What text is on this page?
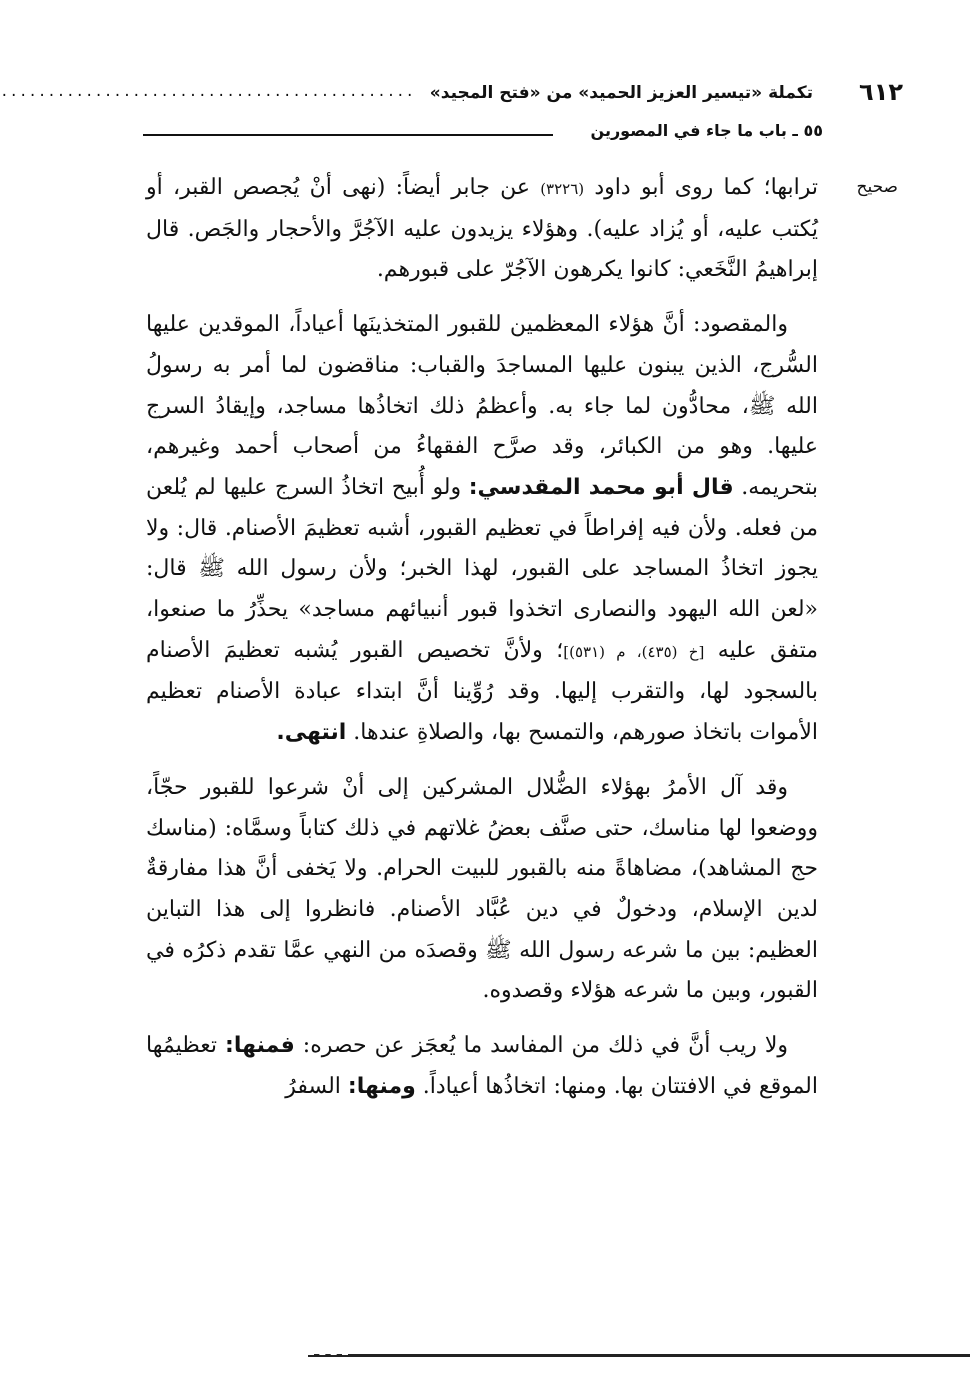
٦١٢
تكملة «تيسير العزيز الحميد» من «فتح المجيد»
............................................
٥٥ ـ باب ما جاء في المصورين
صحيح

ترابها؛ كما روى أبو داود (٣٢٢٦) عن جابر أيضاً: (نهى أنْ يُجصص القبر، أو يُكتب عليه، أو يُزاد عليه). وهؤلاء يزيدون عليه الآجُرَّ والأحجار والجَص. قال إبراهيمُ النَّخَعي: كانوا يكرهون الآجُرّ على قبورهم.

والمقصود: أنَّ هؤلاء المعظمين للقبور المتخذينَها أعياداً، الموقدين عليها السُّرج، الذين يبنون عليها المساجدَ والقباب: مناقضون لما أمر به رسولُ الله ﷺ، محادُّون لما جاء به. وأعظمُ ذلك اتخاذُها مساجد، وإيقادُ السرج عليها. وهو من الكبائر، وقد صرَّح الفقهاءُ من أصحاب أحمد وغيرهم، بتحريمه. قال أبو محمد المقدسي: ولو أُبيح اتخاذُ السرج عليها لم يُلعن من فعله. ولأن فيه إفراطاً في تعظيم القبور، أشبه تعظيمَ الأصنام. قال: ولا يجوز اتخاذُ المساجد على القبور، لهذا الخبر؛ ولأن رسول الله ﷺ قال: «لعن الله اليهود والنصارى اتخذوا قبور أنبيائهم مساجد» يحذِّرُ ما صنعوا، متفق عليه [خ (٤٣٥)، م (٥٣١)]؛ ولأنَّ تخصيص القبور يُشبه تعظيمَ الأصنام بالسجود لها، والتقرب إليها. وقد رُوِّينا أنَّ ابتداء عبادة الأصنام تعظيم الأموات باتخاذ صورهم، والتمسح بها، والصلاةِ عندها. انتهى.

وقد آل الأمرُ بهؤلاء الضُّلال المشركين إلى أنْ شرعوا للقبور حجّاً، ووضعوا لها مناسك، حتى صنَّف بعضُ غلاتهم في ذلك كتاباً وسمَّاه: (مناسك حج المشاهد)، مضاهاةً منه بالقبور للبيت الحرام. ولا يَخفى أنَّ هذا مفارقةٌ لدين الإسلام، ودخولٌ في دين عُبَّاد الأصنام. فانظروا إلى هذا التباين العظيم: بين ما شرعه رسول الله ﷺ وقصدَه من النهي عمَّا تقدم ذكرُه في القبور، وبين ما شرعه هؤلاء وقصدوه.

ولا ريب أنَّ في ذلك من المفاسد ما يُعجَز عن حصره: فمنها: تعظيمُها الموقع في الافتتان بها. ومنها: اتخاذُها أعياداً. ومنها: السفرُ
